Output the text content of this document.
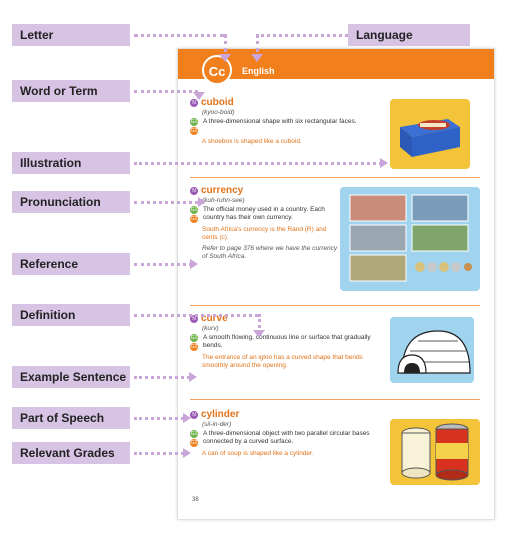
Letter	Language
Word or Term
Illustration
Pronunciation
Reference
Definition
Example Sentence
Part of Speech
Relevant Grades
Cc	English
N cuboid
(kyoo-boid)
G1
G2
A three-dimensional shape with six rectangular faces.
A shoebox is shaped like a cuboid.
N currency
(kuh-ruhn-see)
G1
G2
The official money used in a country. Each country has their own currency.
South Africa's currency is the Rand (R) and cents (c).
Refer to page 376 where we have the currency of South Africa.
N curve
(kurv)
G1
G2
A smooth flowing, continuous line or surface that gradually bends.
The entrance of an igloo has a curved shape that bends smoothly around the opening.
N cylinder
(sil-in-der)
G1
G2
A three-dimensional object with two parallel circular bases connected by a curved surface.
A can of soup is shaped like a cylinder.
38
